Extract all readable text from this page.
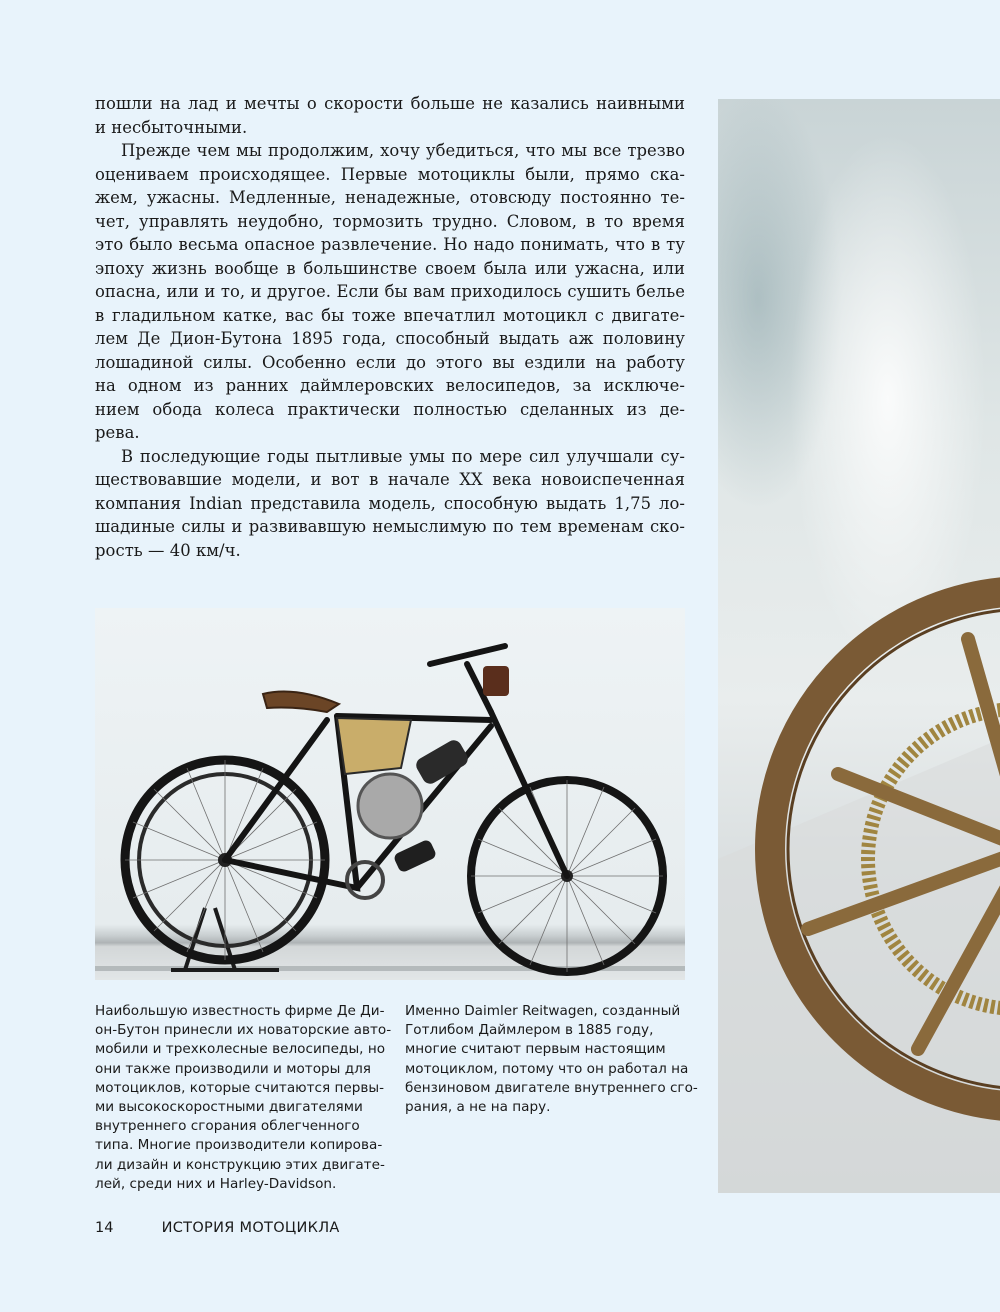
пошли на лад и мечты о скорости больше не казались наивными
и несбыточными.

Прежде чем мы продолжим, хочу убедиться, что мы все трезво
оцениваем происходящее. Первые мотоциклы были, прямо ска-
жем, ужасны. Медленные, ненадежные, отовсюду постоянно те-
чет, управлять неудобно, тормозить трудно. Словом, в то время
это было весьма опасное развлечение. Но надо понимать, что в ту
эпоху жизнь вообще в большинстве своем была или ужасна, или
опасна, или и то, и другое. Если бы вам приходилось сушить белье
в гладильном катке, вас бы тоже впечатлил мотоцикл с двигате-
лем Де Дион-Бутона 1895 года, способный выдать аж половину
лошадиной силы. Особенно если до этого вы ездили на работу
на одном из ранних даймлеровских велосипедов, за исключе-
нием обода колеса практически полностью сделанных из де-
рева.

В последующие годы пытливые умы по мере сил улучшали су-
ществовавшие модели, и вот в начале XX века новоиспеченная
компания Indian представила модель, способную выдать 1,75 ло-
шадиные силы и развивавшую немыслимую по тем временам ско-
рость — 40 км/ч.

Наибольшую известность фирме Де Ди-
он-Бутон принесли их новаторские авто-
мобили и трехколесные велосипеды, но
они также производили и моторы для
мотоциклов, которые считаются первы-
ми высокоскоростными двигателями
внутреннего сгорания облегченного
типа. Многие производители копирова-
ли дизайн и конструкцию этих двигате-
лей, среди них и Harley-Davidson.
Именно Daimler Reitwagen, созданный
Готлибом Даймлером в 1885 году,
многие считают первым настоящим
мотоциклом, потому что он работал на
бензиновом двигателе внутреннего сго-
рания, а не на пару.
14	ИСТОРИЯ МОТОЦИКЛА
